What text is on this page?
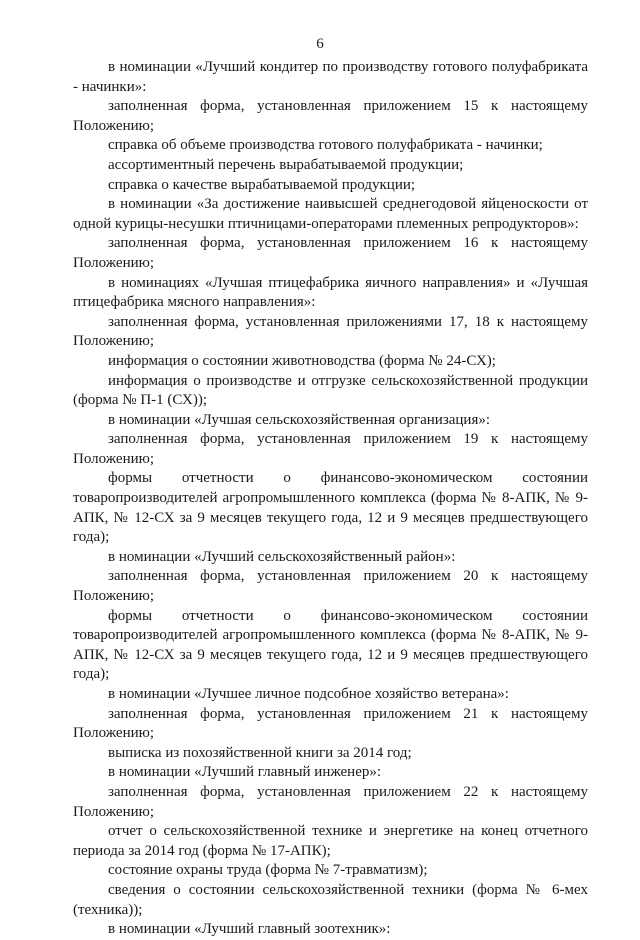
6

в номинации «Лучший кондитер по производству готового полуфабриката - начинки»:

заполненная форма, установленная приложением 15 к настоящему Положению;

справка об объеме производства готового полуфабриката - начинки;

ассортиментный перечень вырабатываемой продукции;

справка о качестве вырабатываемой продукции;

в номинации «За достижение наивысшей среднегодовой яйценоскости от одной курицы-несушки птичницами-операторами племенных репродукторов»:

заполненная форма, установленная приложением 16 к настоящему Положению;

в номинациях «Лучшая птицефабрика яичного направления» и «Лучшая птицефабрика мясного направления»:

заполненная форма, установленная приложениями 17, 18 к настоящему Положению;

информация о состоянии животноводства (форма № 24-СХ);

информация о производстве и отгрузке сельскохозяйственной продукции (форма № П-1 (СХ));

в номинации «Лучшая сельскохозяйственная организация»:

заполненная форма, установленная приложением 19 к настоящему Положению;

формы отчетности о финансово-экономическом состоянии товаропроизводителей агропромышленного комплекса (форма № 8-АПК, № 9-АПК, № 12-СХ за 9 месяцев текущего года, 12 и 9 месяцев предшествующего года);

в номинации «Лучший сельскохозяйственный район»:

заполненная форма, установленная приложением 20 к настоящему Положению;

формы отчетности о финансово-экономическом состоянии товаропроизводителей агропромышленного комплекса (форма № 8-АПК, № 9-АПК, № 12-СХ за 9 месяцев текущего года, 12 и 9 месяцев предшествующего года);

в номинации «Лучшее личное подсобное хозяйство ветерана»:

заполненная форма, установленная приложением 21 к настоящему Положению;

выписка из похозяйственной книги за 2014 год;

в номинации «Лучший главный инженер»:

заполненная форма, установленная приложением 22 к настоящему Положению;

отчет о сельскохозяйственной технике и энергетике на конец отчетного периода за 2014 год (форма № 17-АПК);

состояние охраны труда (форма № 7-травматизм);

сведения о состоянии сельскохозяйственной техники (форма № 6-мех (техника));

в номинации «Лучший главный зоотехник»:
